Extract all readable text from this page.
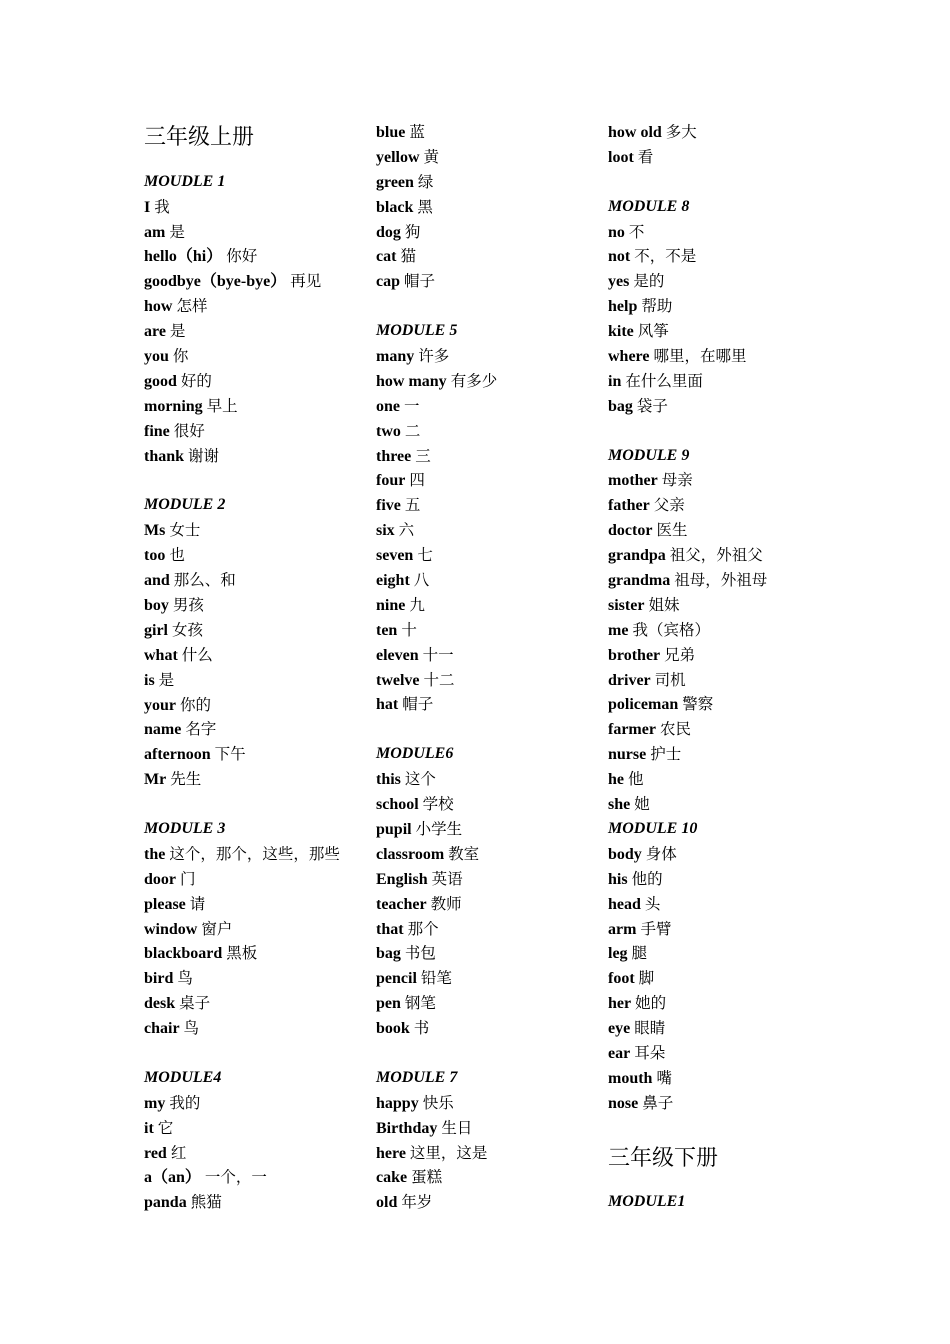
三年级上册
MOUDLE 1
I 我
am 是
hello（hi） 你好
goodbye（bye-bye） 再见
how 怎样
are 是
you 你
good 好的
morning 早上
fine 很好
thank 谢谢
MODULE 2
Ms 女士
too 也
and 那么、和
boy 男孩
girl 女孩
what 什么
is 是
your 你的
name 名字
afternoon 下午
Mr 先生
MODULE 3
the 这个，那个，这些，那些
door 门
please 请
window 窗户
blackboard 黑板
bird 鸟
desk 桌子
chair 鸟
MODULE4
my 我的
it 它
red 红
a（an） 一个，一
panda 熊猫
blue 蓝
yellow 黄
green 绿
black 黑
dog 狗
cat 猫
cap 帽子
MODULE 5
many 许多
how many 有多少
one 一
two 二
three 三
four 四
five 五
six 六
seven 七
eight 八
nine 九
ten 十
eleven 十一
twelve 十二
hat 帽子
MODULE6
this 这个
school 学校
pupil 小学生
classroom 教室
English 英语
teacher 教师
that 那个
bag 书包
pencil 铅笔
pen 钢笔
book 书
MODULE 7
happy 快乐
Birthday 生日
here 这里，这是
cake 蛋糕
old 年岁
how old 多大
loot 看
MODULE 8
no 不
not 不，不是
yes 是的
help 帮助
kite 风筝
where 哪里，在哪里
in 在什么里面
bag 袋子
MODULE 9
mother 母亲
father 父亲
doctor 医生
grandpa 祖父，外祖父
grandma 祖母，外祖母
sister 姐妹
me 我（宾格）
brother 兄弟
driver 司机
policeman 警察
farmer 农民
nurse 护士
he 他
she 她
MODULE 10
body 身体
his 他的
head 头
arm 手臂
leg 腿
foot 脚
her 她的
eye 眼睛
ear 耳朵
mouth 嘴
nose 鼻子
三年级下册
MODULE1
